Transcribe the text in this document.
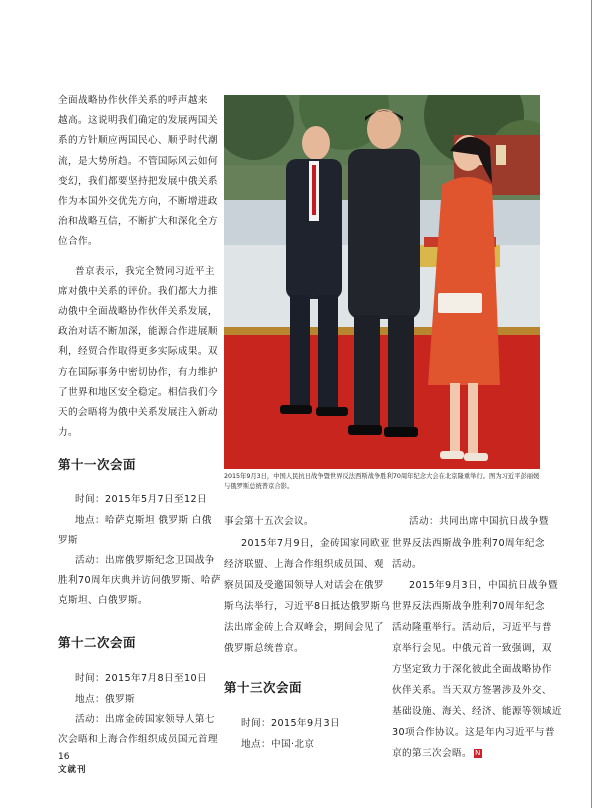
全面战略协作伙伴关系的呼声越来
越高。这说明我们确定的发展两国关
系的方针顺应两国民心、顺乎时代潮
流，是大势所趋。不管国际风云如何
变幻，我们都要坚持把发展中俄关系
作为本国外交优先方向，不断增进政
治和战略互信，不断扩大和深化全方
位合作。
普京表示，我完全赞同习近平主
席对俄中关系的评价。我们都大力推
动俄中全面战略协作伙伴关系发展，
政治对话不断加深，能源合作进展顺
利，经贸合作取得更多实际成果。双
方在国际事务中密切协作，有力维护
了世界和地区安全稳定。相信我们今
天的会晤将为俄中关系发展注入新动
力。
第十一次会面
时间：2015年5月7日至12日
地点：哈萨克斯坦 俄罗斯 白俄
罗斯
活动：出席俄罗斯纪念卫国战争
胜利70周年庆典并访问俄罗斯、哈萨
克斯坦、白俄罗斯。
第十二次会面
时间：2015年7月8日至10日
地点：俄罗斯
活动：出席金砖国家领导人第七
次会晤和上海合作组织成员国元首理
2015年9月3日，中国人民抗日战争暨世界反法西斯战争胜利70周年纪念大会在北京隆重举行。图为习近平彭丽媛与俄罗斯总统普京合影。
事会第十五次会议。
2015年7月9日，金砖国家同欧亚
经济联盟、上海合作组织成员国、观
察员国及受邀国领导人对话会在俄罗
斯乌法举行，习近平8日抵达俄罗斯乌
法出席金砖上合双峰会，期间会见了
俄罗斯总统普京。
第十三次会面
时间：2015年9月3日
地点：中国·北京
活动：共同出席中国抗日战争暨
世界反法西斯战争胜利70周年纪念
活动。
2015年9月3日，中国抗日战争暨
世界反法西斯战争胜利70周年纪念
活动隆重举行。活动后，习近平与普
京举行会见。中俄元首一致强调，双
方坚定致力于深化彼此全面战略协作
伙伴关系。当天双方签署涉及外交、
基础设施、海关、经济、能源等领域近
30项合作协议。这是年内习近平与普
京的第三次会晤。 N
16
文就刊
